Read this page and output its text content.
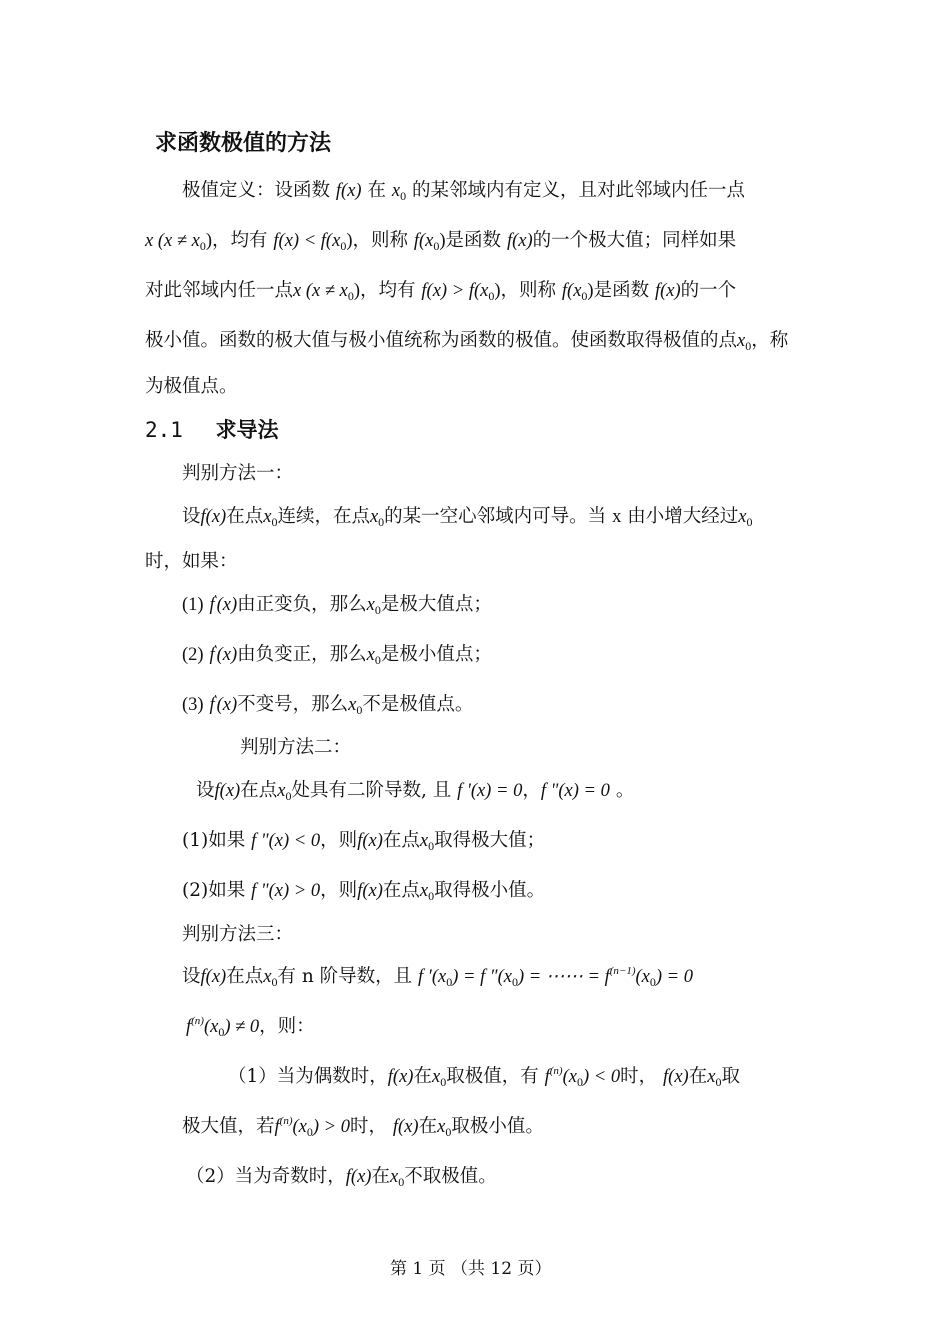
求函数极值的方法
极值定义：设函数 f(x) 在 $x_0$ 的某邻域内有定义，且对此邻域内任一点
x $(x \ne x_0)$，均有 $f(x) < f(x_0)$，则称 $f(x_0)$是函数 f(x)的一个极大值；同样如果
对此邻域内任一点x $(x \ne x_0)$，均有 $f(x) > f(x_0)$，则称 $f(x_0)$是函数 f(x)的一个
极小值。函数的极大值与极小值统称为函数的极值。使函数取得极值的点$x_0$，称
为极值点。
2.1 求导法
判别方法一：
设f(x)在点$x_0$连续，在点$x_0$的某一空心邻域内可导。当 x 由小增大经过$x_0$
时，如果：
(1) f'(x)由正变负，那么$x_0$是极大值点；
(2) f'(x)由负变正，那么$x_0$是极小值点；
(3) f'(x)不变号，那么$x_0$不是极值点。
判别方法二：
设f(x)在点$x_0$处具有二阶导数, 且 f '(x) = 0，f "(x) = 0 。
(1)如果 f "(x) < 0，则f(x)在点$x_0$取得极大值；
(2)如果 f "(x) > 0，则f(x)在点$x_0$取得极小值。
判别方法三：
设f(x)在点$x_0$有 n 阶导数，且 f $'(x_0) = f$ $''(x_0)$ = ⋯⋯ = $f^{(n-1)}(x_0) = 0$
$f^{(n)}(x_0) \ne 0$，则：
（1）当为偶数时，f(x)在$x_0$取极值，有 $f^{(n)}(x_0) < 0$时， f(x)在$x_0$取
极大值，若$f^{(n)}(x_0) > 0$时， f(x)在$x_0$取极小值。
（2）当为奇数时，f(x)在$x_0$不取极值。
第 1 页 （共 12 页）
